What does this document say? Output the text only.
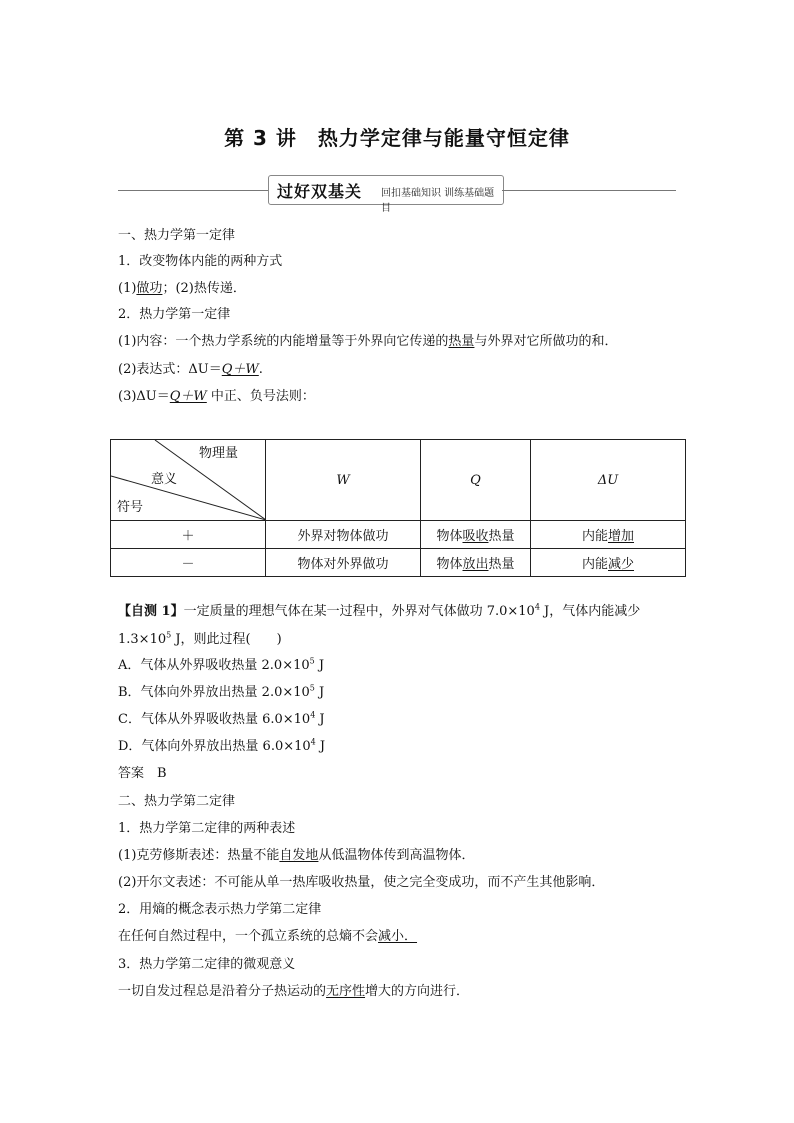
第 3 讲　热力学定律与能量守恒定律
过好双基关 回扣基础知识 训练基础题目
一、热力学第一定律
1．改变物体内能的两种方式
(1)做功；(2)热传递．
2．热力学第一定律
(1)内容：一个热力学系统的内能增量等于外界向它传递的热量与外界对它所做功的和．
(2)表达式：ΔU＝Q＋W.
(3)ΔU＝Q＋W 中正、负号法则：
物理量
意义
符号	W	Q	ΔU
＋	外界对物体做功	物体吸收热量	内能增加
－	物体对外界做功	物体放出热量	内能减少
【自测 1】一定质量的理想气体在某一过程中，外界对气体做功 $7.0\times 10^4$ J，气体内能减少
$1.3\times 10^5$ J，则此过程(　　)
A．气体从外界吸收热量 $2.0\times 10^5$ J
B．气体向外界放出热量 $2.0\times 10^5$ J
C．气体从外界吸收热量 $6.0\times 10^4$ J
D．气体向外界放出热量 $6.0\times 10^4$ J
答案　B
二、热力学第二定律
1．热力学第二定律的两种表述
(1)克劳修斯表述：热量不能自发地从低温物体传到高温物体．
(2)开尔文表述：不可能从单一热库吸收热量，使之完全变成功，而不产生其他影响．
2．用熵的概念表示热力学第二定律
在任何自然过程中，一个孤立系统的总熵不会减小．
3．热力学第二定律的微观意义
一切自发过程总是沿着分子热运动的无序性增大的方向进行．
